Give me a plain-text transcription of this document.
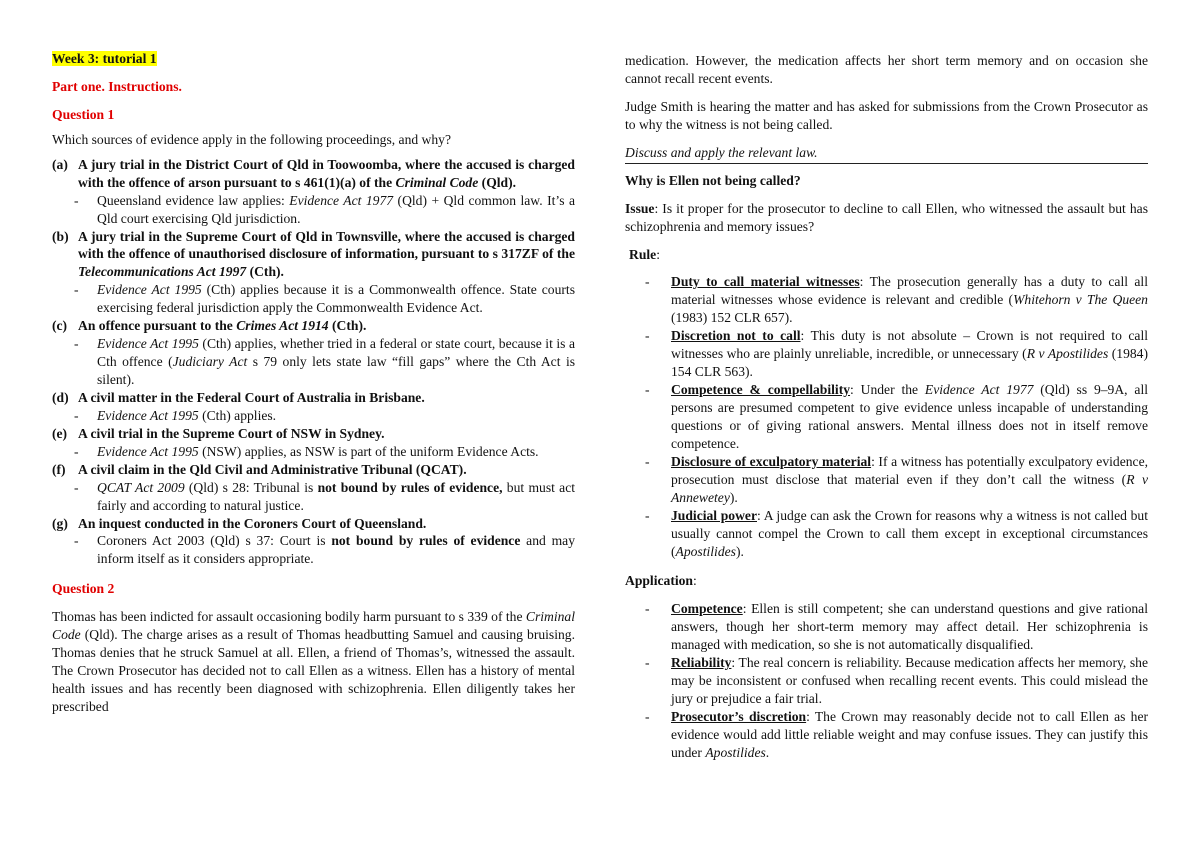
Week 3: tutorial 1

Part one. Instructions.

Question 1

Which sources of evidence apply in the following proceedings, and why?

(a) A jury trial in the District Court of Qld in Toowoomba, where the accused is charged with the offence of arson pursuant to s 461(1)(a) of the Criminal Code (Qld).
-	Queensland evidence law applies: Evidence Act 1977 (Qld) + Qld common law. It’s a Qld court exercising Qld jurisdiction.
(b) A jury trial in the Supreme Court of Qld in Townsville, where the accused is charged with the offence of unauthorised disclosure of information, pursuant to s 317ZF of the Telecommunications Act 1997 (Cth).
-	Evidence Act 1995 (Cth) applies because it is a Commonwealth offence. State courts exercising federal jurisdiction apply the Commonwealth Evidence Act.
(c) An offence pursuant to the Crimes Act 1914 (Cth).
-	Evidence Act 1995 (Cth) applies, whether tried in a federal or state court, because it is a Cth offence (Judiciary Act s 79 only lets state law “fill gaps” where the Cth Act is silent).
(d) A civil matter in the Federal Court of Australia in Brisbane.
-	Evidence Act 1995 (Cth) applies.
(e) A civil trial in the Supreme Court of NSW in Sydney.
-	Evidence Act 1995 (NSW) applies, as NSW is part of the uniform Evidence Acts.
(f) A civil claim in the Qld Civil and Administrative Tribunal (QCAT).
-	QCAT Act 2009 (Qld) s 28: Tribunal is not bound by rules of evidence, but must act fairly and according to natural justice.
(g) An inquest conducted in the Coroners Court of Queensland.
-	Coroners Act 2003 (Qld) s 37: Court is not bound by rules of evidence and may inform itself as it considers appropriate.

Question 2

Thomas has been indicted for assault occasioning bodily harm pursuant to s 339 of the Criminal Code (Qld). The charge arises as a result of Thomas headbutting Samuel and causing bruising. Thomas denies that he struck Samuel at all. Ellen, a friend of Thomas’s, witnessed the assault. The Crown Prosecutor has decided not to call Ellen as a witness. Ellen has a history of mental health issues and has recently been diagnosed with schizophrenia. Ellen diligently takes her prescribed

medication. However, the medication affects her short term memory and on occasion she cannot recall recent events.

Judge Smith is hearing the matter and has asked for submissions from the Crown Prosecutor as to why the witness is not being called.

Discuss and apply the relevant law.

Why is Ellen not being called?

Issue: Is it proper for the prosecutor to decline to call Ellen, who witnessed the assault but has schizophrenia and memory issues?

Rule:

-	Duty to call material witnesses: The prosecution generally has a duty to call all material witnesses whose evidence is relevant and credible (Whitehorn v The Queen (1983) 152 CLR 657).
-	Discretion not to call: This duty is not absolute – Crown is not required to call witnesses who are plainly unreliable, incredible, or unnecessary (R v Apostilides (1984) 154 CLR 563).
-	Competence & compellability: Under the Evidence Act 1977 (Qld) ss 9–9A, all persons are presumed competent to give evidence unless incapable of understanding questions or of giving rational answers. Mental illness does not in itself remove competence.
-	Disclosure of exculpatory material: If a witness has potentially exculpatory evidence, prosecution must disclose that material even if they don’t call the witness (R v Annewetey).
-	Judicial power: A judge can ask the Crown for reasons why a witness is not called but usually cannot compel the Crown to call them except in exceptional circumstances (Apostilides).

Application:

-	Competence: Ellen is still competent; she can understand questions and give rational answers, though her short-term memory may affect detail. Her schizophrenia is managed with medication, so she is not automatically disqualified.
-	Reliability: The real concern is reliability. Because medication affects her memory, she may be inconsistent or confused when recalling recent events. This could mislead the jury or prejudice a fair trial.
-	Prosecutor’s discretion: The Crown may reasonably decide not to call Ellen as her evidence would add little reliable weight and may confuse issues. They can justify this under Apostilides.
